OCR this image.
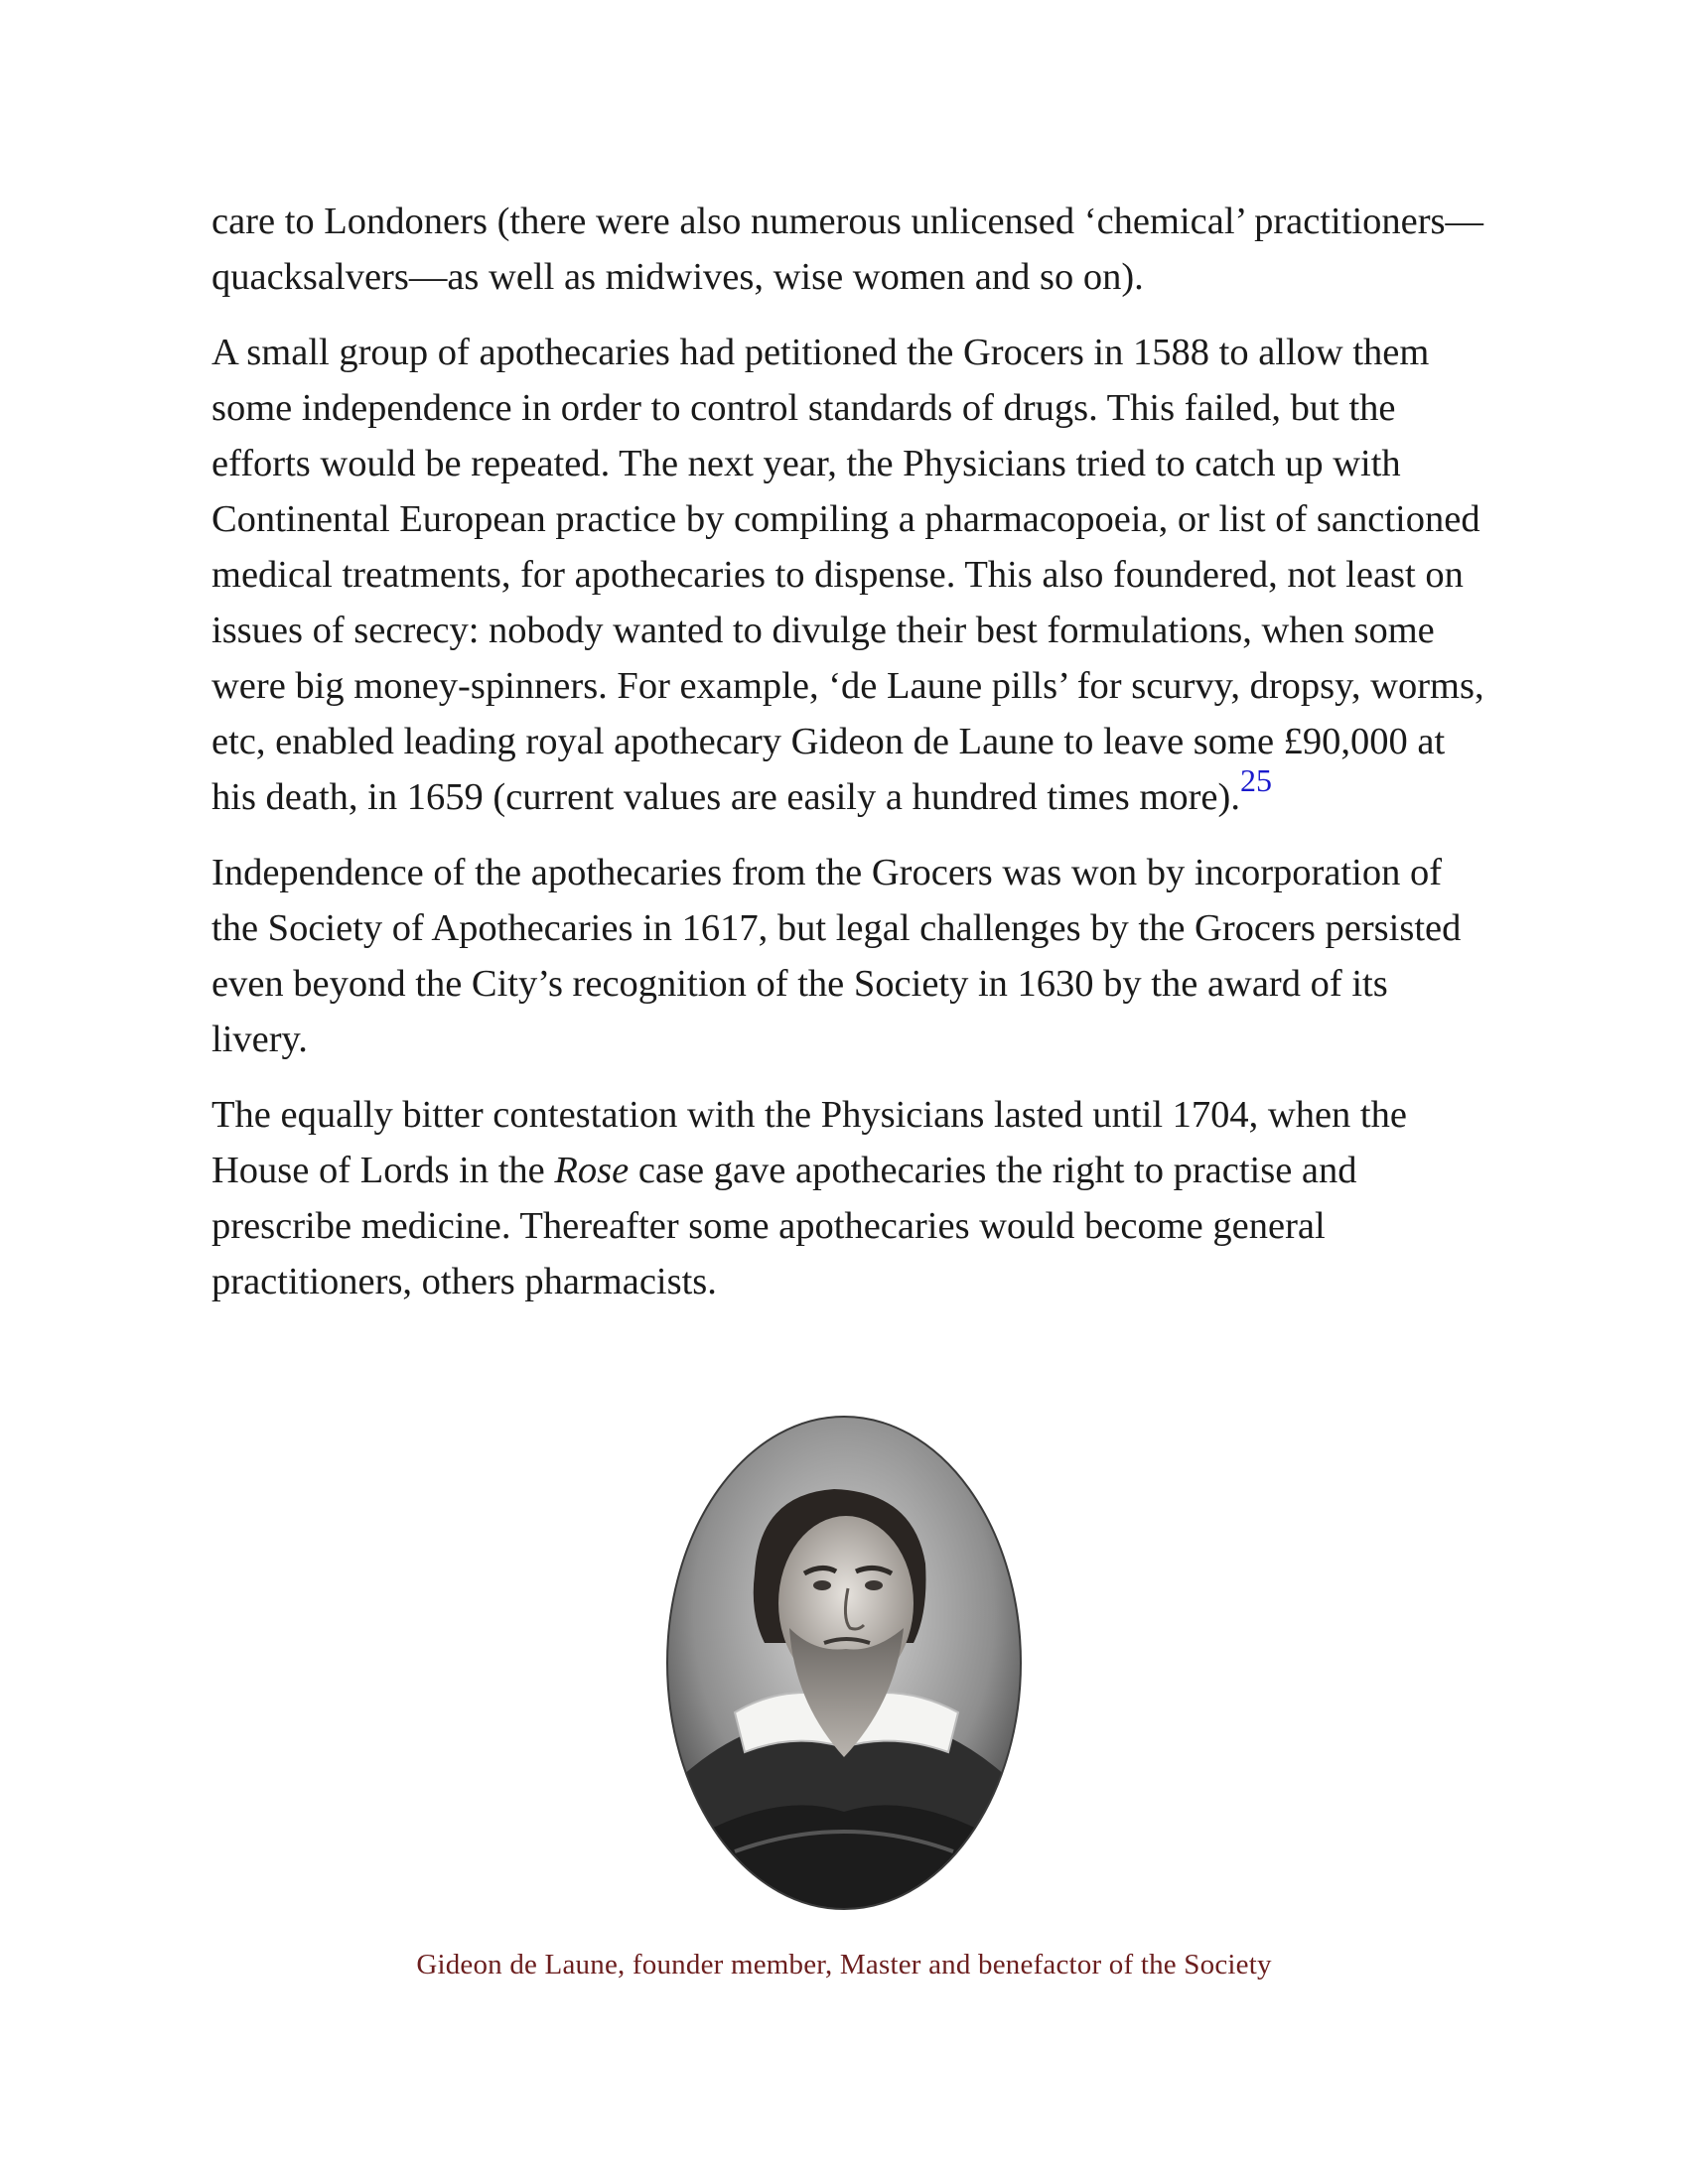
care to Londoners (there were also numerous unlicensed ‘chemical’ practitioners—quacksalvers—as well as midwives, wise women and so on).

A small group of apothecaries had petitioned the Grocers in 1588 to allow them some independence in order to control standards of drugs. This failed, but the efforts would be repeated. The next year, the Physicians tried to catch up with Continental European practice by compiling a pharmacopoeia, or list of sanctioned medical treatments, for apothecaries to dispense. This also foundered, not least on issues of secrecy: nobody wanted to divulge their best formulations, when some were big money-spinners. For example, ‘de Laune pills’ for scurvy, dropsy, worms, etc, enabled leading royal apothecary Gideon de Laune to leave some £90,000 at his death, in 1659 (current values are easily a hundred times more).$^{25}$

Independence of the apothecaries from the Grocers was won by incorporation of the Society of Apothecaries in 1617, but legal challenges by the Grocers persisted even beyond the City’s recognition of the Society in 1630 by the award of its livery.

The equally bitter contestation with the Physicians lasted until 1704, when the House of Lords in the Rose case gave apothecaries the right to practise and prescribe medicine. Thereafter some apothecaries would become general practitioners, others pharmacists.

Gideon de Laune, founder member, Master and benefactor of the Society
